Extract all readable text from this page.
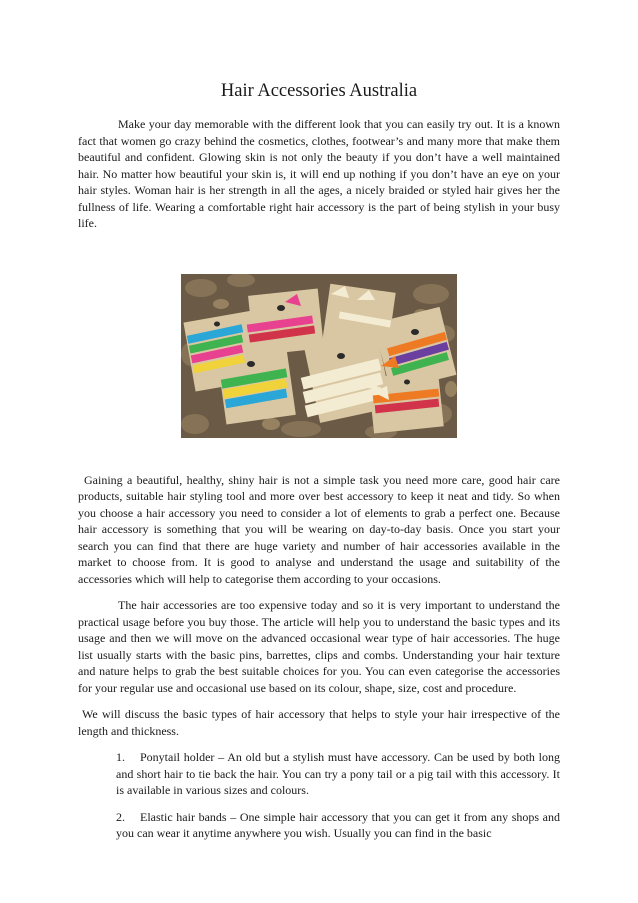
Hair Accessories Australia

Make your day memorable with the different look that you can easily try out. It is a known fact that women go crazy behind the cosmetics, clothes, footwear’s and many more that make them beautiful and confident. Glowing skin is not only the beauty if you don’t have a well maintained hair. No matter how beautiful your skin is, it will end up nothing if you don’t have an eye on your hair styles. Woman hair is her strength in all the ages, a nicely braided or styled hair gives her the fullness of life. Wearing a comfortable right hair accessory is the part of being stylish in your busy life.

Gaining a beautiful, healthy, shiny hair is not a simple task you need more care, good hair care products, suitable hair styling tool and more over best accessory to keep it neat and tidy. So when you choose a hair accessory you need to consider a lot of elements to grab a perfect one. Because hair accessory is something that you will be wearing on day-to-day basis. Once you start your search you can find that there are huge variety and number of hair accessories available in the market to choose from. It is good to analyse and understand the usage and suitability of the accessories which will help to categorise them according to your occasions.

The hair accessories are too expensive today and so it is very important to understand the practical usage before you buy those. The article will help you to understand the basic types and its usage and then we will move on the advanced occasional wear type of hair accessories. The huge list usually starts with the basic pins, barrettes, clips and combs. Understanding your hair texture and nature helps to grab the best suitable choices for you. You can even categorise the accessories for your regular use and occasional use based on its colour, shape, size, cost and procedure.

We will discuss the basic types of hair accessory that helps to style your hair irrespective of the length and thickness.

1. Ponytail holder – An old but a stylish must have accessory. Can be used by both long and short hair to tie back the hair. You can try a pony tail or a pig tail with this accessory. It is available in various sizes and colours.
2. Elastic hair bands – One simple hair accessory that you can get it from any shops and you can wear it anytime anywhere you wish. Usually you can find in the basic
